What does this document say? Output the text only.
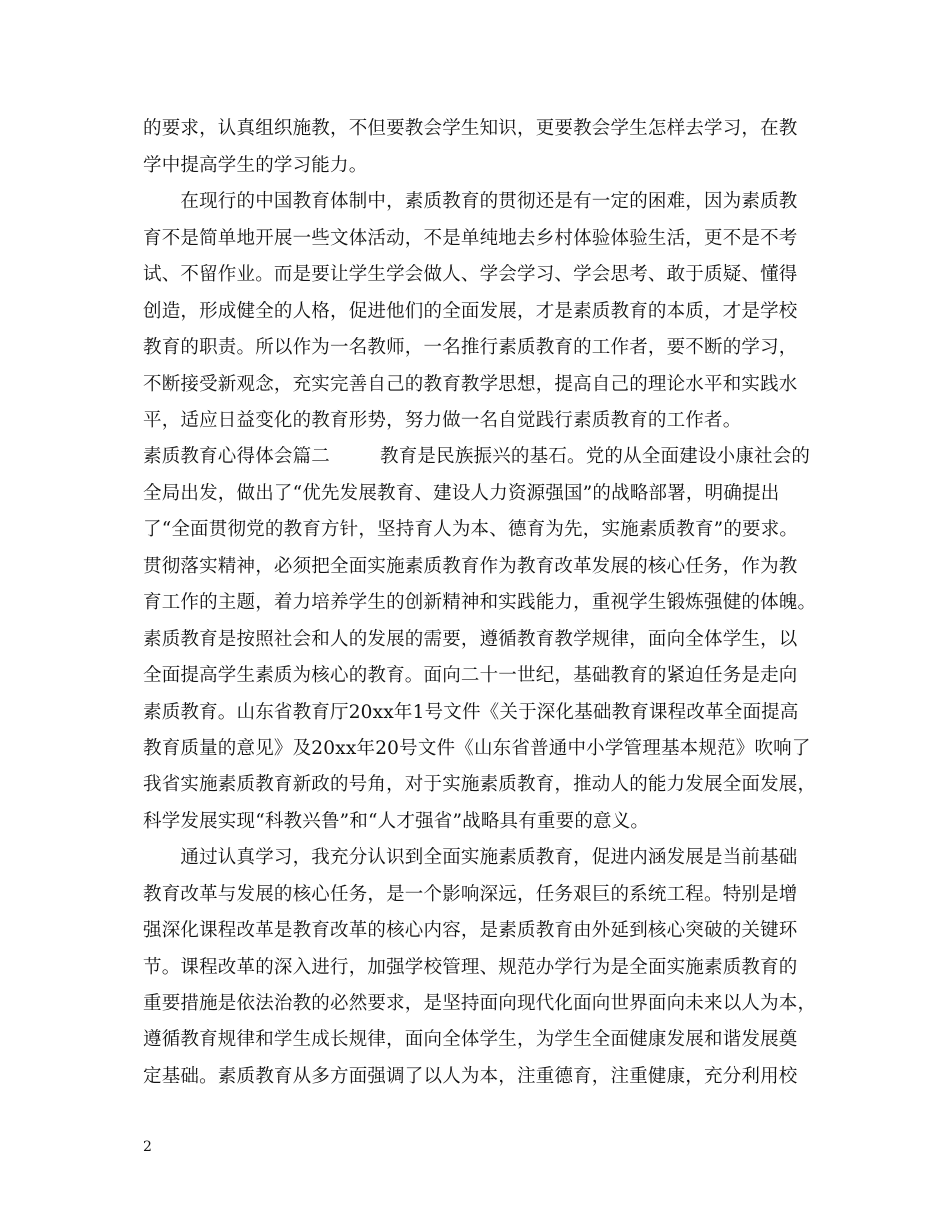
的要求，认真组织施教，不但要教会学生知识，更要教会学生怎样去学习，在教
学中提高学生的学习能力。
　　在现行的中国教育体制中，素质教育的贯彻还是有一定的困难，因为素质教
育不是简单地开展一些文体活动，不是单纯地去乡村体验体验生活，更不是不考
试、不留作业。而是要让学生学会做人、学会学习、学会思考、敢于质疑、懂得
创造，形成健全的人格，促进他们的全面发展，才是素质教育的本质，才是学校
教育的职责。所以作为一名教师，一名推行素质教育的工作者，要不断的学习，
不断接受新观念，充实完善自己的教育教学思想，提高自己的理论水平和实践水
平，适应日益变化的教育形势，努力做一名自觉践行素质教育的工作者。
素质教育心得体会篇二	教育是民族振兴的基石。党的从全面建设小康社会的
全局出发，做出了“优先发展教育、建设人力资源强国”的战略部署，明确提出
了“全面贯彻党的教育方针，坚持育人为本、德育为先，实施素质教育”的要求。
贯彻落实精神，必须把全面实施素质教育作为教育改革发展的核心任务，作为教
育工作的主题，着力培养学生的创新精神和实践能力，重视学生锻炼强健的体魄。
素质教育是按照社会和人的发展的需要，遵循教育教学规律，面向全体学生，以
全面提高学生素质为核心的教育。面向二十一世纪，基础教育的紧迫任务是走向
素质教育。山东省教育厅20xx年1号文件《关于深化基础教育课程改革全面提高
教育质量的意见》及20xx年20号文件《山东省普通中小学管理基本规范》吹响了
我省实施素质教育新政的号角，对于实施素质教育，推动人的能力发展全面发展，
科学发展实现“科教兴鲁”和“人才强省”战略具有重要的意义。
　　通过认真学习，我充分认识到全面实施素质教育，促进内涵发展是当前基础
教育改革与发展的核心任务，是一个影响深远，任务艰巨的系统工程。特别是增
强深化课程改革是教育改革的核心内容，是素质教育由外延到核心突破的关键环
节。课程改革的深入进行，加强学校管理、规范办学行为是全面实施素质教育的
重要措施是依法治教的必然要求，是坚持面向现代化面向世界面向未来以人为本，
遵循教育规律和学生成长规律，面向全体学生，为学生全面健康发展和谐发展奠
定基础。素质教育从多方面强调了以人为本，注重德育，注重健康，充分利用校
2
